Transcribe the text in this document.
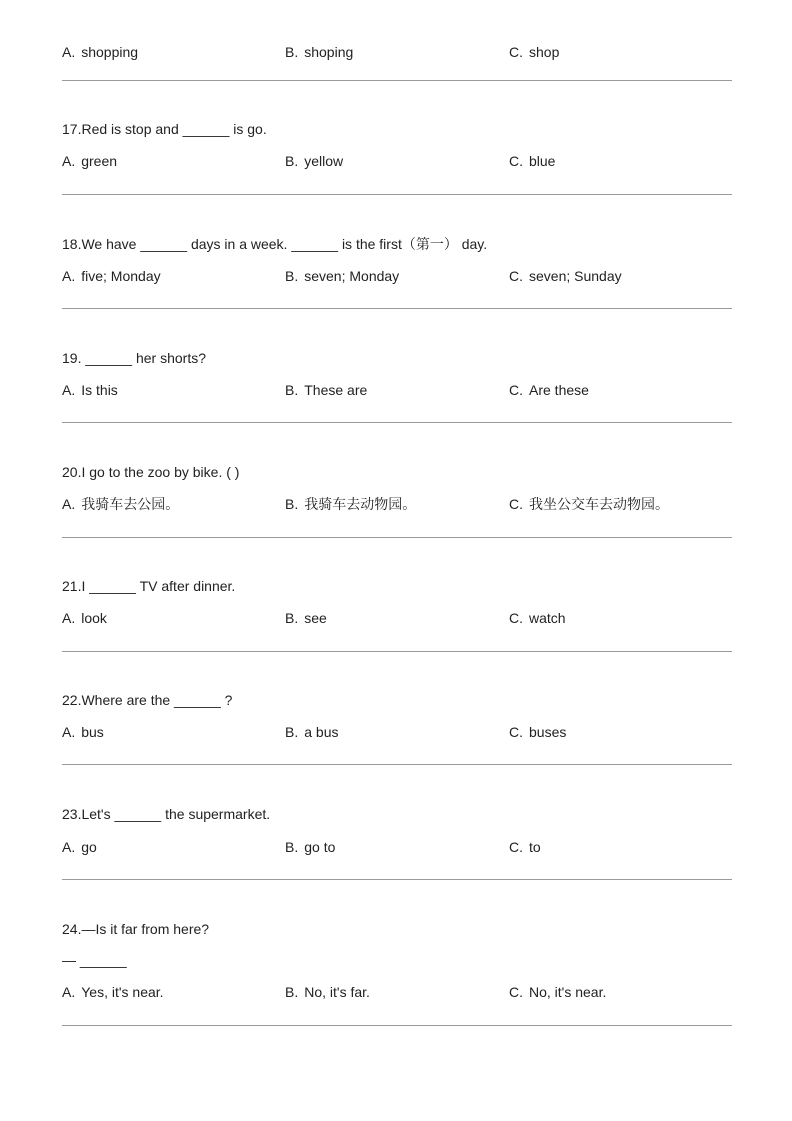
A. shopping	B. shoping	C. shop
17.Red is stop and ______ is go.
A. green	B. yellow	C. blue
18.We have ______ days in a week. ______ is the first（第一） day.
A. five; Monday	B. seven; Monday	C. seven; Sunday
19. ______ her shorts?
A. Is this	B. These are	C. Are these
20.I go to the zoo by bike. ( )
A. 我骑车去公园。	B. 我骑车去动物园。	C. 我坐公交车去动物园。
21.I ______ TV after dinner.
A. look	B. see	C. watch
22.Where are the ______ ?
A. bus	B. a bus	C. buses
23.Let's ______ the supermarket.
A. go	B. go to	C. to
24.—Is it far from here?
— ______
A. Yes, it's near.	B. No, it's far.	C. No, it's near.
